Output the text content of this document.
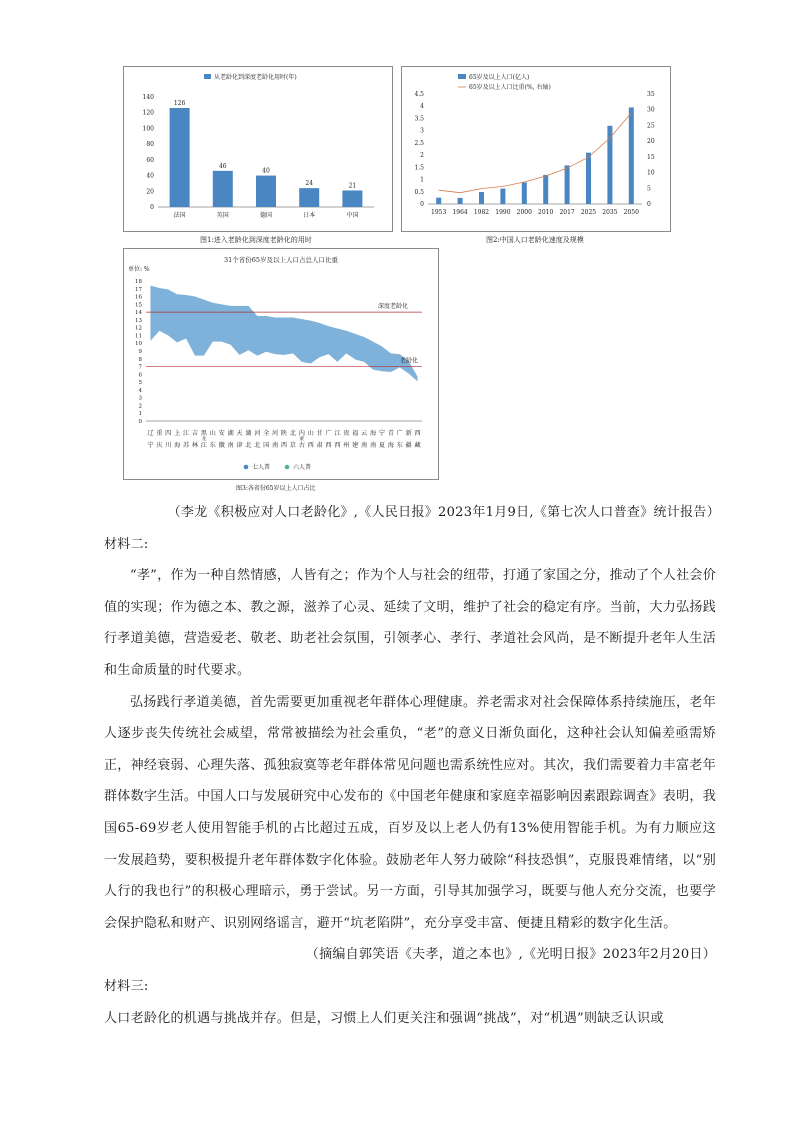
从老龄化到深度老龄化用时(年)
0
20
40
60
80
100
120
140
126
法国
46
英国
40
德国
24
日本
21
中国
图1:进入老龄化到深度老龄化的用时
65岁及以上人口(亿人)
65岁及以上人口比重(%, 右轴)
0
0.5
1
1.5
2
2.5
3
3.5
4
4.5
0
5
10
15
20
25
30
35
1953 1964 1982 1990 2000 2010 2017 2025 2035 2050
图2:中国人口老龄化速度及规模
31个省份65岁及以上人口占总人口比重
单位: %
0
1
2
3
4
5
6
7
8
9
10
11
12
13
14
15
16
17
18
深度老龄化
老龄化
辽
宁
重
庆
四
川
上
海
江
苏
吉
林
黑
龙
江
山
东
安
徽
湖
南
天
津
湖
北
河
北
全
国
河
南
陕
西
北
京
内
蒙
古
山
西
甘
肃
广
西
江
西
贵
州
福
建
云
南
海
南
宁
夏
青
海
广
东
新
疆
西
藏
七人普	六人普
图3:各省份65岁以上人口占比

（李龙《积极应对人口老龄化》,《人民日报》2023年1月9日,《第七次人口普查》统计报告）

材料二:

“孝”，作为一种自然情感，人皆有之；作为个人与社会的纽带，打通了家国之分，推动了个人社会价值的实现；作为德之本、教之源，滋养了心灵、延续了文明，维护了社会的稳定有序。当前，大力弘扬践行孝道美德，营造爱老、敬老、助老社会氛围，引领孝心、孝行、孝道社会风尚，是不断提升老年人生活和生命质量的时代要求。

弘扬践行孝道美德，首先需要更加重视老年群体心理健康。养老需求对社会保障体系持续施压，老年人逐步丧失传统社会威望，常常被描绘为社会重负，“老”的意义日渐负面化，这种社会认知偏差亟需矫正，神经衰弱、心理失落、孤独寂寞等老年群体常见问题也需系统性应对。其次，我们需要着力丰富老年群体数字生活。中国人口与发展研究中心发布的《中国老年健康和家庭幸福影响因素跟踪调查》表明，我国65-69岁老人使用智能手机的占比超过五成，百岁及以上老人仍有13%使用智能手机。为有力顺应这一发展趋势，要积极提升老年群体数字化体验。鼓励老年人努力破除“科技恐惧”，克服畏难情绪，以“别人行的我也行”的积极心理暗示，勇于尝试。另一方面，引导其加强学习，既要与他人充分交流，也要学会保护隐私和财产、识别网络谣言，避开“坑老陷阱”，充分享受丰富、便捷且精彩的数字化生活。

（摘编自郭笑语《夫孝，道之本也》,《光明日报》2023年2月20日）

材料三:

人口老龄化的机遇与挑战并存。但是，习惯上人们更关注和强调“挑战”，对“机遇”则缺乏认识或
